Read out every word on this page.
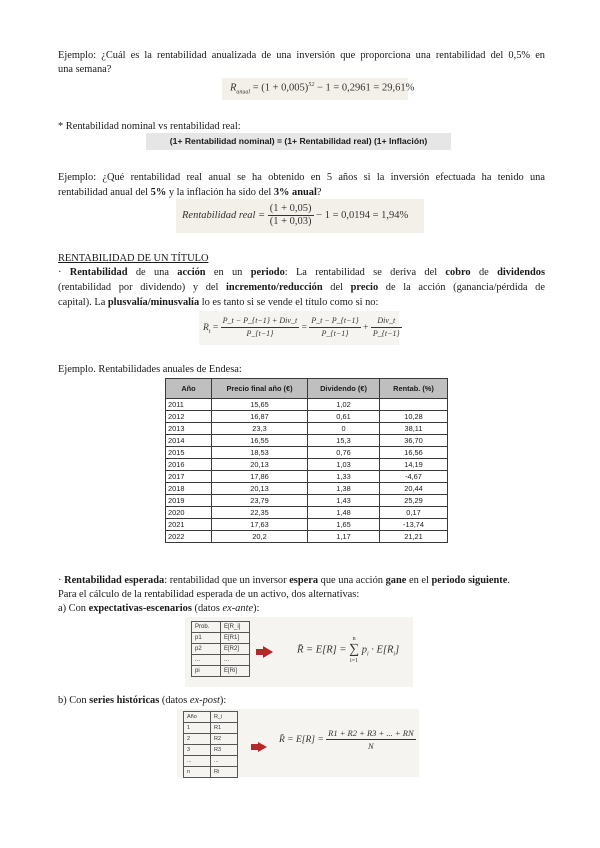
Ejemplo: ¿Cuál es la rentabilidad anualizada de una inversión que proporciona una rentabilidad del 0,5% en
una semana?
$R_{anual} = (1 + 0,005)^{52} - 1 = 0,2961 = 29,61\%$
* Rentabilidad nominal vs rentabilidad real:
(1+ Rentabilidad nominal) = (1+ Rentabilidad real) (1+ Inflación)
Ejemplo: ¿Qué rentabilidad real anual se ha obtenido en 5 años si la inversión efectuada ha tenido una
rentabilidad anual del 5% y la inflación ha sido del 3% anual?
Rentabilidad real = $\frac{(1 + 0,05)}{(1 + 0,03)} - 1 = 0,0194 = 1,94\%$
RENTABILIDAD DE UN TÍTULO
· Rentabilidad de una acción en un periodo: La rentabilidad se deriva del cobro de dividendos
(rentabilidad por dividendo) y del incremento/reducción del precio de la acción (ganancia/pérdida de
capital). La plusvalía/minusvalía lo es tanto si se vende el título como si no:
$R_t = \frac{\text{P\_t − P\_\{t−1\} + Div\_t}}{P\_\{t-1\}} = \frac{P\_t - P\_\{t-1\}}{P\_\{t-1\}} + \frac{\text{Div\_t}}{P\_\{t-1\}}$
Ejemplo. Rentabilidades anuales de Endesa:
Año	Precio final año (€)	Dividendo (€)	Rentab. (%)
2011	15,65	1,02	
2012	16,87	0,61	10,28
2013	23,3	0	38,11
2014	16,55	15,3	36,70
2015	18,53	0,76	16,56
2016	20,13	1,03	14,19
2017	17,86	1,33	-4,67
2018	20,13	1,38	20,44
2019	23,79	1,43	25,29
2020	22,35	1,48	0,17
2021	17,63	1,65	-13,74
2022	20,2	1,17	21,21
· Rentabilidad esperada: rentabilidad que un inversor espera que una acción gane en el periodo siguiente.
Para el cálculo de la rentabilidad esperada de un activo, dos alternativas:
a) Con expectativas-escenarios (datos ex-ante):
Prob.	E[R_i]
p1	E[R1]
p2	E[R2]
...	...
pi	E[Ri]
R̄ = E[R] =
n
∑
i=1
$p_i \cdot E[R_i]$
b) Con series históricas (datos ex-post):
Año	R_i
1	R1
2	R2
3	R3
...	...
n	Ri
R̄ = $E[R] = \frac{R1 + R2 + R3 + ... + RN}{N}$
